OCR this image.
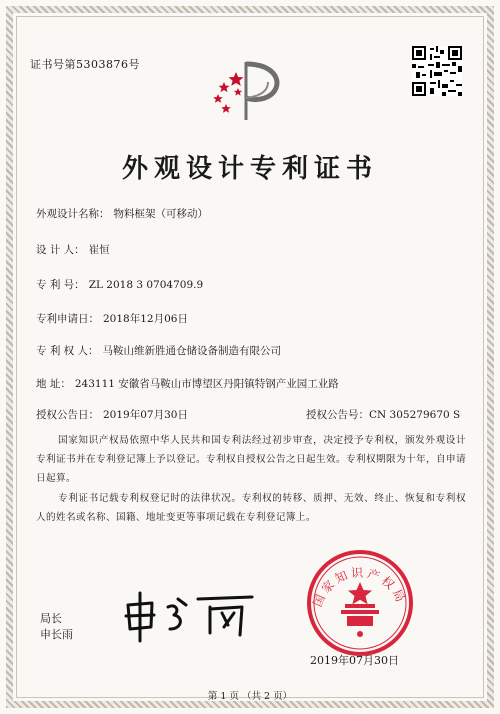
证书号第5303876号
外观设计专利证书
外观设计名称： 物料框架（可移动）
设 计 人： 崔恒
专 利 号： ZL 2018 3 0704709.9
专利申请日： 2018年12月06日
专 利 权 人： 马鞍山维新胜通仓储设备制造有限公司
地 址： 243111 安徽省马鞍山市博望区丹阳镇特钢产业园工业路
授权公告日： 2019年07月30日	授权公告号：CN 305279670 S
国家知识产权局依照中华人民共和国专利法经过初步审查，决定授予专利权，颁发外观设计专利证书并在专利登记簿上予以登记。专利权自授权公告之日起生效。专利权期限为十年，自申请日起算。
专利证书记载专利权登记时的法律状况。专利权的转移、质押、无效、终止、恢复和专利权人的姓名或名称、国籍、地址变更等事项记载在专利登记簿上。
局长
申长雨
国家知识产权局
2019年07月30日
第 1 页 （共 2 页）
